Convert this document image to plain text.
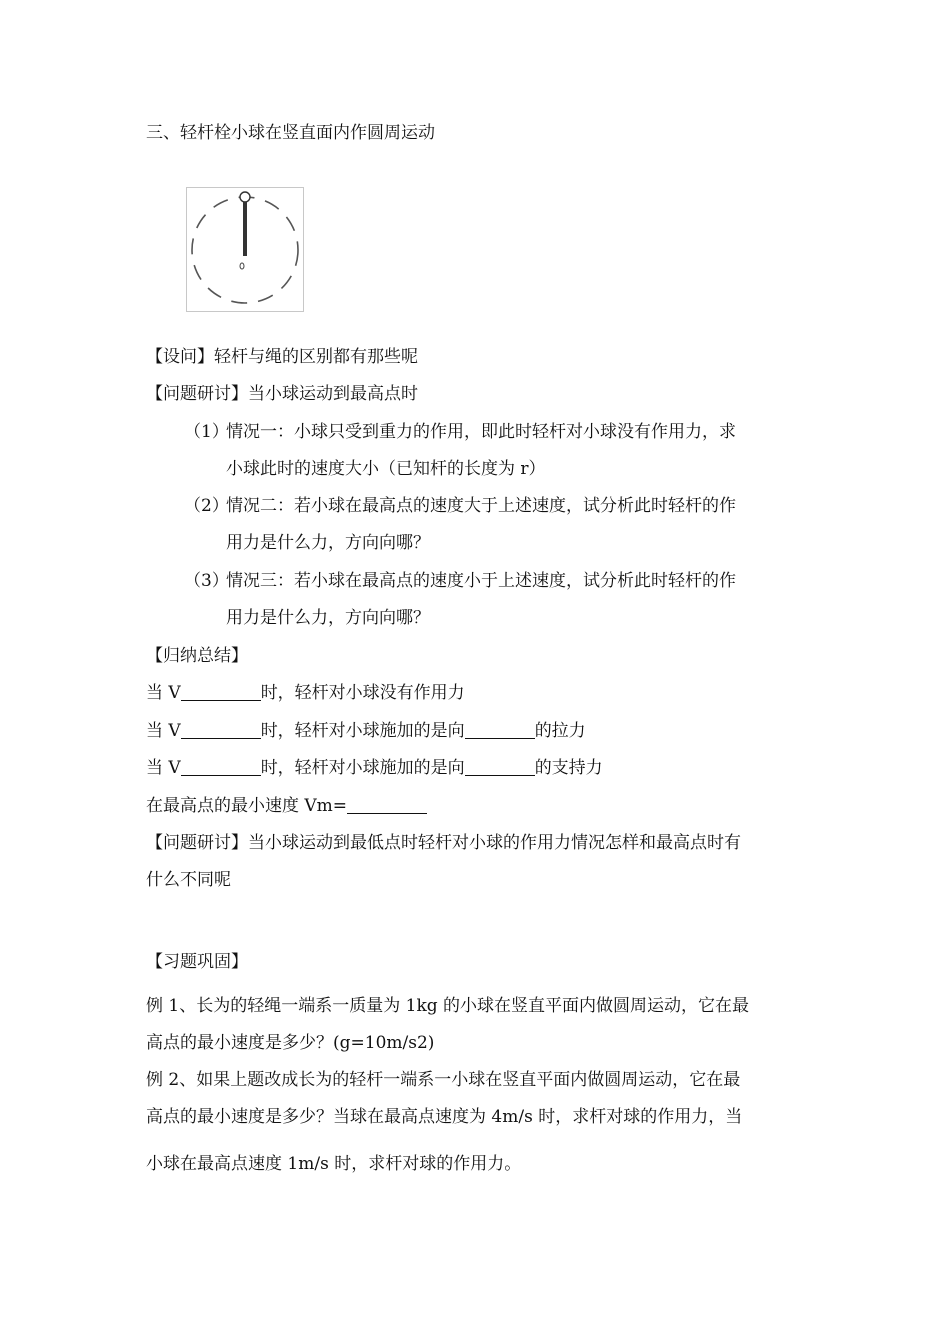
三、轻杆栓小球在竖直面内作圆周运动
【设问】轻杆与绳的区别都有那些呢
【问题研讨】当小球运动到最高点时
（1）
情况一：小球只受到重力的作用，即此时轻杆对小球没有作用力，求
小球此时的速度大小（已知杆的长度为 r）
（2）
情况二：若小球在最高点的速度大于上述速度，试分析此时轻杆的作
用力是什么力，方向向哪？
（3）
情况三：若小球在最高点的速度小于上述速度，试分析此时轻杆的作
用力是什么力，方向向哪？
【归纳总结】
当 V	时，轻杆对小球没有作用力
当 V	时，轻杆对小球施加的是向	的拉力
当 V	时，轻杆对小球施加的是向	的支持力
在最高点的最小速度 Vm=
【问题研讨】当小球运动到最低点时轻杆对小球的作用力情况怎样和最高点时有
什么不同呢
【习题巩固】
例 1、长为的轻绳一端系一质量为 1kg 的小球在竖直平面内做圆周运动，它在最
高点的最小速度是多少？(g=10m/s2)
例 2、如果上题改成长为的轻杆一端系一小球在竖直平面内做圆周运动，它在最
高点的最小速度是多少？当球在最高点速度为 4m/s 时，求杆对球的作用力，当
小球在最高点速度 1m/s 时，求杆对球的作用力。
